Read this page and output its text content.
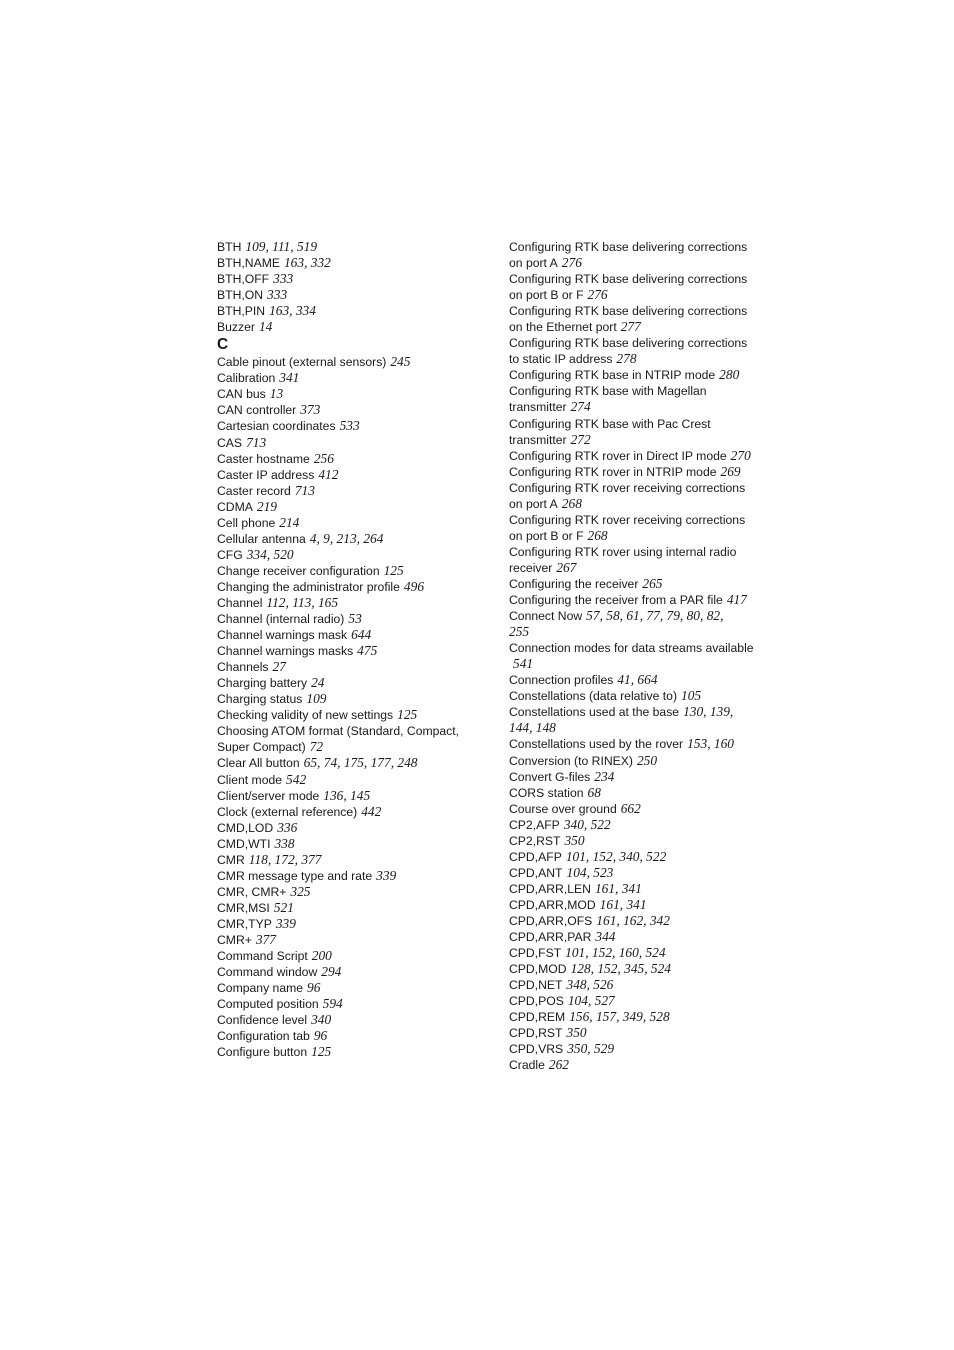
BTH 109, 111, 519
BTH,NAME 163, 332
BTH,OFF 333
BTH,ON 333
BTH,PIN 163, 334
Buzzer 14
C
Cable pinout (external sensors) 245
Calibration 341
CAN bus 13
CAN controller 373
Cartesian coordinates 533
CAS 713
Caster hostname 256
Caster IP address 412
Caster record 713
CDMA 219
Cell phone 214
Cellular antenna 4, 9, 213, 264
CFG 334, 520
Change receiver configuration 125
Changing the administrator profile 496
Channel 112, 113, 165
Channel (internal radio) 53
Channel warnings mask 644
Channel warnings masks 475
Channels 27
Charging battery 24
Charging status 109
Checking validity of new settings 125
Choosing ATOM format (Standard, Compact,
Super Compact) 72
Clear All button 65, 74, 175, 177, 248
Client mode 542
Client/server mode 136, 145
Clock (external reference) 442
CMD,LOD 336
CMD,WTI 338
CMR 118, 172, 377
CMR message type and rate 339
CMR, CMR+ 325
CMR,MSI 521
CMR,TYP 339
CMR+ 377
Command Script 200
Command window 294
Company name 96
Computed position 594
Confidence level 340
Configuration tab 96
Configure button 125
Configuring RTK base delivering corrections
on port A 276
Configuring RTK base delivering corrections
on port B or F 276
Configuring RTK base delivering corrections
on the Ethernet port 277
Configuring RTK base delivering corrections
to static IP address 278
Configuring RTK base in NTRIP mode 280
Configuring RTK base with Magellan
transmitter 274
Configuring RTK base with Pac Crest
transmitter 272
Configuring RTK rover in Direct IP mode 270
Configuring RTK rover in NTRIP mode 269
Configuring RTK rover receiving corrections
on port A 268
Configuring RTK rover receiving corrections
on port B or F 268
Configuring RTK rover using internal radio
receiver 267
Configuring the receiver 265
Configuring the receiver from a PAR file 417
Connect Now 57, 58, 61, 77, 79, 80, 82,
255
Connection modes for data streams available
541
Connection profiles 41, 664
Constellations (data relative to) 105
Constellations used at the base 130, 139,
144, 148
Constellations used by the rover 153, 160
Conversion (to RINEX) 250
Convert G-files 234
CORS station 68
Course over ground 662
CP2,AFP 340, 522
CP2,RST 350
CPD,AFP 101, 152, 340, 522
CPD,ANT 104, 523
CPD,ARR,LEN 161, 341
CPD,ARR,MOD 161, 341
CPD,ARR,OFS 161, 162, 342
CPD,ARR,PAR 344
CPD,FST 101, 152, 160, 524
CPD,MOD 128, 152, 345, 524
CPD,NET 348, 526
CPD,POS 104, 527
CPD,REM 156, 157, 349, 528
CPD,RST 350
CPD,VRS 350, 529
Cradle 262
